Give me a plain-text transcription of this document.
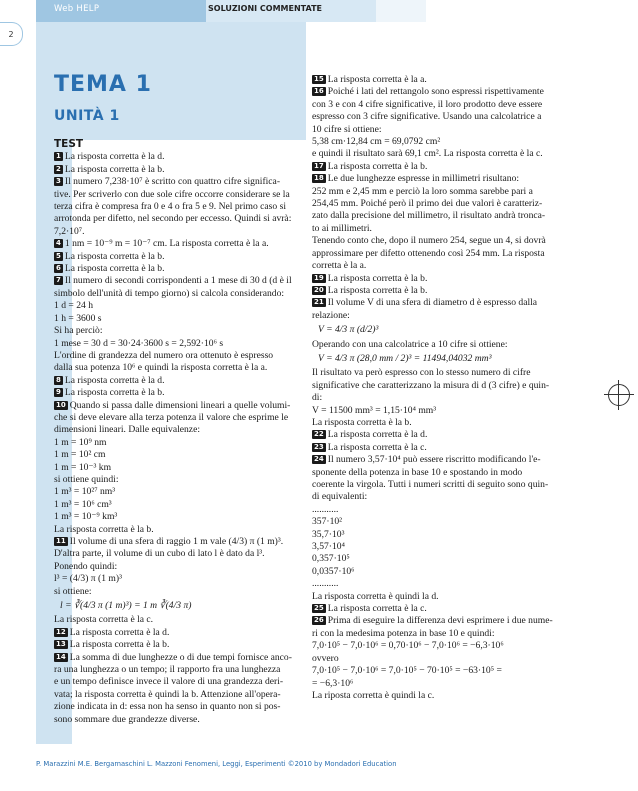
Web HELP	SOLUZIONI COMMENTATE
2
TEMA 1
UNITÀ 1
TEST
1 La risposta corretta è la d.
2 La risposta corretta è la b.
3 Il numero 7,238·10⁷ è scritto con quattro cifre significa-
tive. Per scriverlo con due sole cifre occorre considerare se la
terza cifra è compresa fra 0 e 4 o fra 5 e 9. Nel primo caso si
arrotonda per difetto, nel secondo per eccesso. Quindi si avrà:
7,2·10⁷.
4 1 nm = 10⁻⁹ m = 10⁻⁷ cm. La risposta corretta è la a.
5 La risposta corretta è la b.
6 La risposta corretta è la b.
7 Il numero di secondi corrispondenti a 1 mese di 30 d (d è il
simbolo dell'unità di tempo giorno) si calcola considerando:
1 d = 24 h
1 h = 3600 s
Si ha perciò:
1 mese = 30 d = 30·24·3600 s = 2,592·10⁶ s
L'ordine di grandezza del numero ora ottenuto è espresso
dalla sua potenza 10⁶ e quindi la risposta corretta è la a.
8 La risposta corretta è la d.
9 La risposta corretta è la b.
10 Quando si passa dalle dimensioni lineari a quelle volumi-
che si deve elevare alla terza potenza il valore che esprime le
dimensioni lineari. Dalle equivalenze:
1 m = 10⁹ nm
1 m = 10² cm
1 m = 10⁻³ km
si ottiene quindi:
1 m³ = 10²⁷ nm³
1 m³ = 10⁶ cm³
1 m³ = 10⁻⁹ km³
La risposta corretta è la b.
11 Il volume di una sfera di raggio 1 m vale (4/3) π (1 m)³.
D'altra parte, il volume di un cubo di lato l è dato da l³.
Ponendo quindi:
l³ = (4/3) π (1 m)³
si ottiene:
l = ∛(4/3 π (1 m)³) = 1 m ∛(4/3 π)
La risposta corretta è la c.
12 La risposta corretta è la d.
13 La risposta corretta è la b.
14 La somma di due lunghezze o di due tempi fornisce anco-
ra una lunghezza o un tempo; il rapporto fra una lunghezza
e un tempo definisce invece il valore di una grandezza deri-
vata; la risposta corretta è quindi la b. Attenzione all'opera-
zione indicata in d: essa non ha senso in quanto non si pos-
sono sommare due grandezze diverse.
15 La risposta corretta è la a.
16 Poiché i lati del rettangolo sono espressi rispettivamente
con 3 e con 4 cifre significative, il loro prodotto deve essere
espresso con 3 cifre significative. Usando una calcolatrice a
10 cifre si ottiene:
5,38 cm·12,84 cm = 69,0792 cm²
e quindi il risultato sarà 69,1 cm². La risposta corretta è la c.
17 La risposta corretta è la b.
18 Le due lunghezze espresse in millimetri risultano:
252 mm e 2,45 mm e perciò la loro somma sarebbe pari a
254,45 mm. Poiché però il primo dei due valori è caratteriz-
zato dalla precisione del millimetro, il risultato andrà tronca-
to ai millimetri.
Tenendo conto che, dopo il numero 254, segue un 4, si dovrà
approssimare per difetto ottenendo così 254 mm. La risposta
corretta è la a.
19 La risposta corretta è la b.
20 La risposta corretta è la b.
21 Il volume V di una sfera di diametro d è espresso dalla
relazione:
V = 4/3 π (d/2)³
Operando con una calcolatrice a 10 cifre si ottiene:
V = 4/3 π (28,0 mm / 2)³ = 11494,04032 mm³
Il risultato va però espresso con lo stesso numero di cifre
significative che caratterizzano la misura di d (3 cifre) e quin-
di:
V = 11500 mm³ = 1,15·10⁴ mm³
La risposta corretta è la b.
22 La risposta corretta è la d.
23 La risposta corretta è la c.
24 Il numero 3,57·10⁴ può essere riscritto modificando l'e-
sponente della potenza in base 10 e spostando in modo
coerente la virgola. Tutti i numeri scritti di seguito sono quin-
di equivalenti:
...........
357·10²
35,7·10³
3,57·10⁴
0,357·10⁵
0,0357·10⁶
...........
La risposta corretta è quindi la d.
25 La risposta corretta è la c.
26 Prima di eseguire la differenza devi esprimere i due nume-
ri con la medesima potenza in base 10 e quindi:
7,0·10⁵ − 7,0·10⁶ = 0,70·10⁶ − 7,0·10⁶ = −6,3·10⁶
ovvero
7,0·10⁵ − 7,0·10⁶ = 7,0·10⁵ − 70·10⁵ = −63·10⁵ =
= −6,3·10⁶
La riposta corretta è quindi la c.
P. Marazzini M.E. Bergamaschini L. Mazzoni Fenomeni, Leggi, Esperimenti ©2010 by Mondadori Education
